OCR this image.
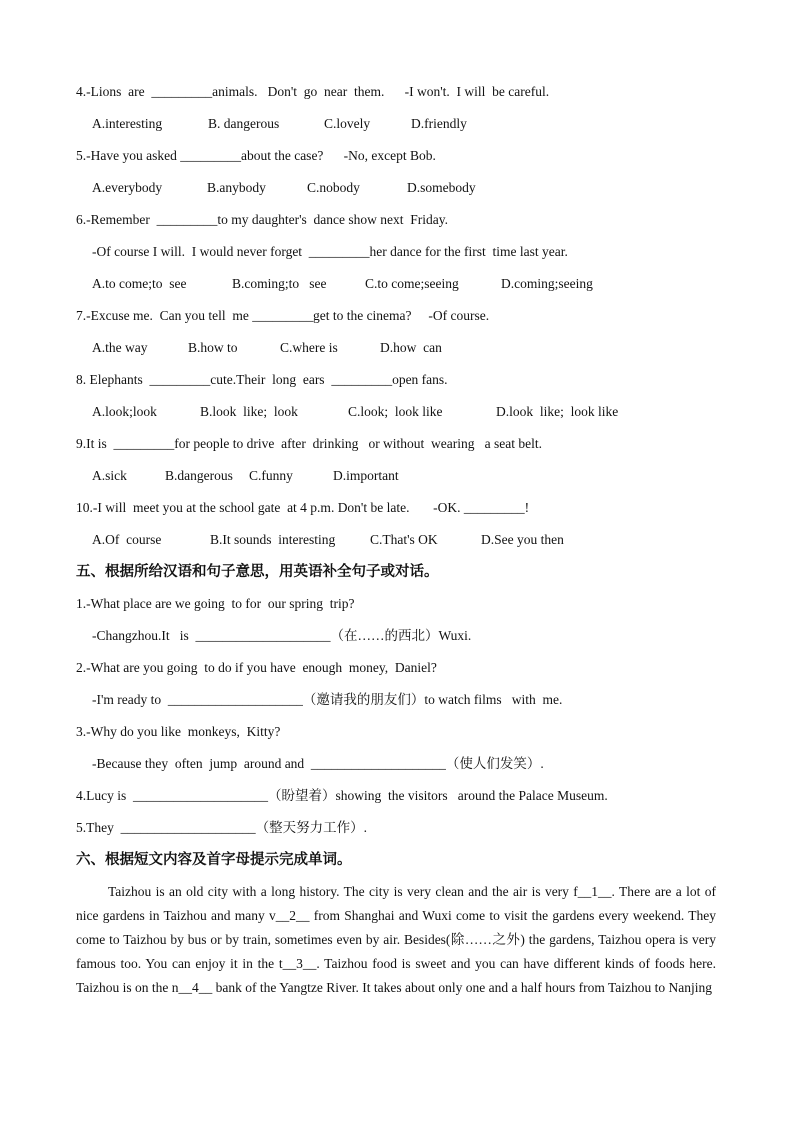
4.-Lions  are  _________animals.   Don't  go  near  them.      -I won't.  I will  be careful.
A.interesting	B. dangerous	C.lovely	D.friendly
5.-Have you asked _________about the case?      -No, except Bob.
A.everybody	B.anybody	C.nobody	D.somebody
6.-Remember  _________to my daughter's  dance show next  Friday.
-Of course I will.  I would never forget  _________her dance for the first  time last year.
A.to come;to  see	B.coming;to   see	C.to come;seeing	D.coming;seeing
7.-Excuse me.  Can you tell  me _________get to the cinema?     -Of course.
A.the way	B.how to	C.where is	D.how  can
8. Elephants  _________cute.Their  long  ears  _________open fans.
A.look;look	B.look  like;  look	C.look;  look like	D.look  like;  look like
9.It is  _________for people to drive  after  drinking   or without  wearing   a seat belt.
A.sick	B.dangerous	C.funny	D.important
10.-I will  meet you at the school gate  at 4 p.m. Don't be late.       -OK. _________!
A.Of  course	B.It sounds  interesting	C.That's OK	D.See you then
五、根据所给汉语和句子意思，用英语补全句子或对话。
1.-What place are we going  to for  our spring  trip?
-Changzhou.It   is  ____________________（在……的西北）Wuxi.
2.-What are you going  to do if you have  enough  money,  Daniel?
-I'm ready to  ____________________（邀请我的朋友们）to watch films   with  me.
3.-Why do you like  monkeys,  Kitty?
-Because they  often  jump  around and  ____________________（使人们发笑）.
4.Lucy is  ____________________（盼望着）showing  the visitors   around the Palace Museum.
5.They  ____________________（整天努力工作）.
六、根据短文内容及首字母提示完成单词。
Taizhou is an old city with a long history. The city is very clean and the air is very f__1__. There are a lot of nice gardens in Taizhou and many v__2__ from Shanghai and Wuxi come to visit the gardens every weekend. They come to Taizhou by bus or by train, sometimes even by air. Besides(除……之外) the gardens, Taizhou opera is very famous too. You can enjoy it in the t__3__. Taizhou food is sweet and you can have different kinds of foods here. Taizhou is on the n__4__ bank of the Yangtze River. It takes about only one and a half hours from Taizhou to Nanjing
